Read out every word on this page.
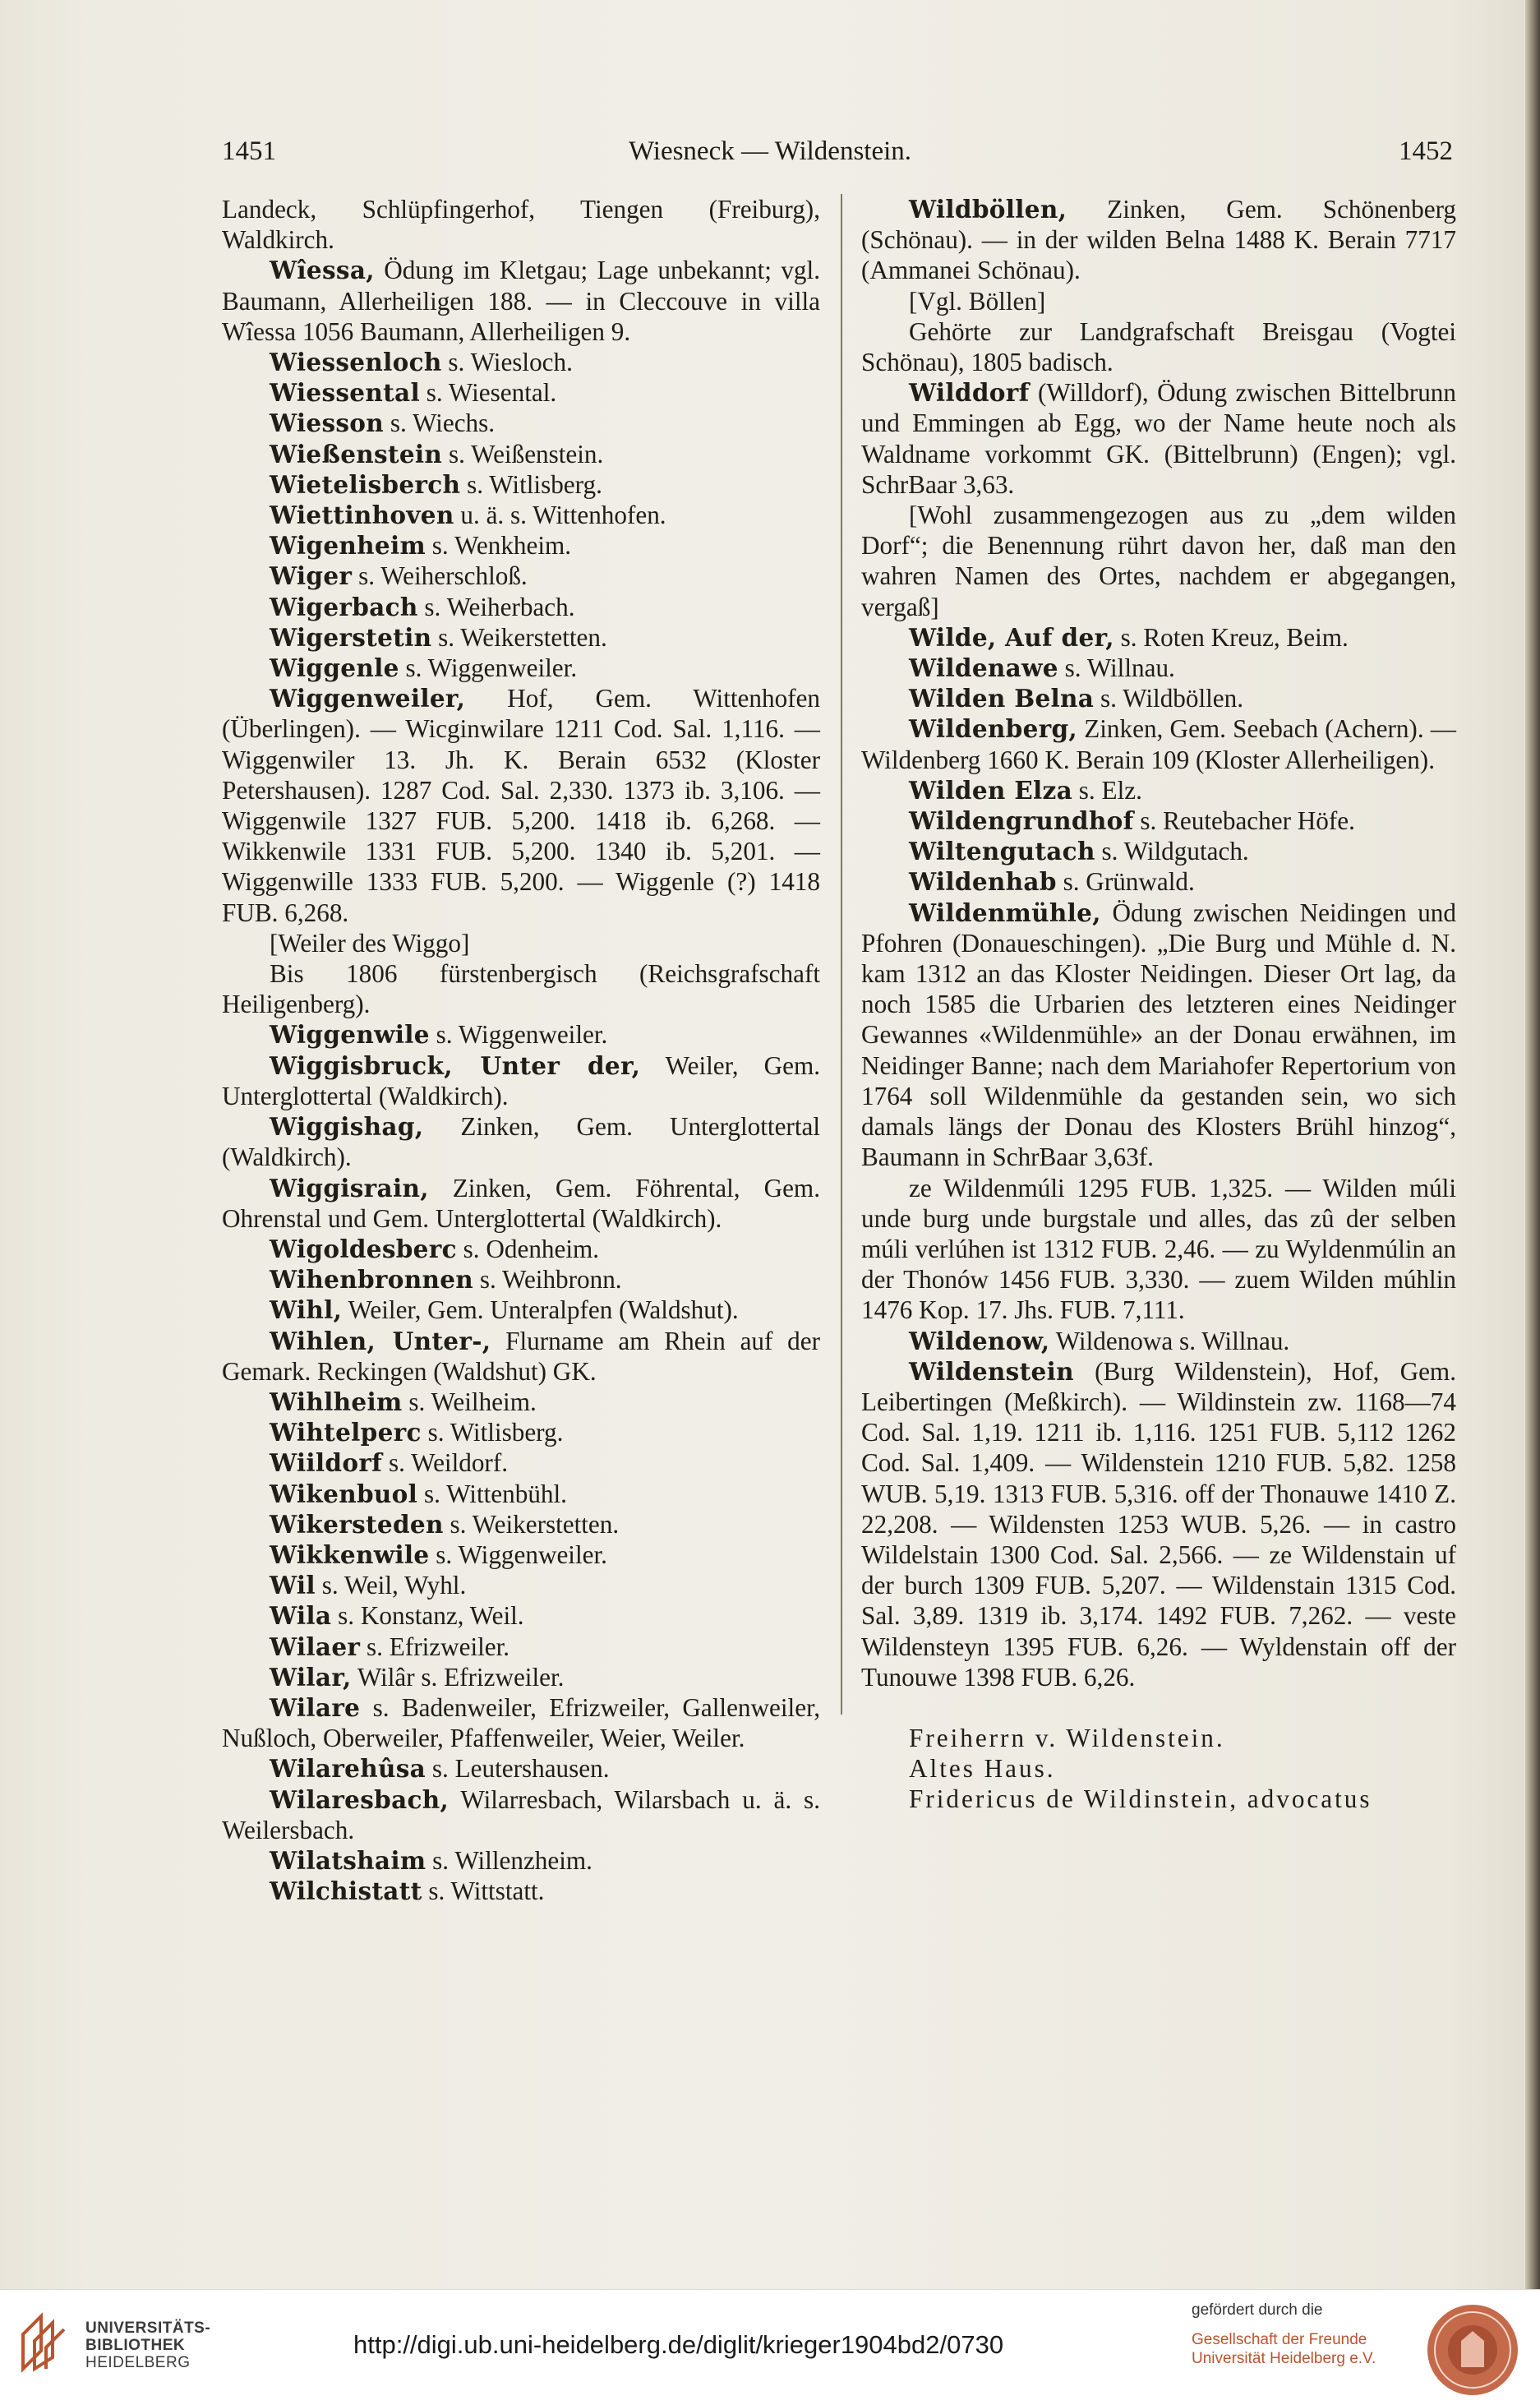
1451	Wiesneck — Wildenstein.	1452

Landeck, Schlüpfingerhof, Tiengen (Freiburg), Waldkirch.

Wîessa, Ödung im Kletgau; Lage unbekannt; vgl. Baumann, Allerheiligen 188. — in Cleccouve in villa Wîessa 1056 Baumann, Allerheiligen 9.

Wiessenloch s. Wiesloch.

Wiessental s. Wiesental.

Wiesson s. Wiechs.

Wießenstein s. Weißenstein.

Wietelisberch s. Witlisberg.

Wiettinhoven u. ä. s. Wittenhofen.

Wigenheim s. Wenkheim.

Wiger s. Weiherschloß.

Wigerbach s. Weiherbach.

Wigerstetin s. Weikerstetten.

Wiggenle s. Wiggenweiler.

Wiggenweiler, Hof, Gem. Wittenhofen (Überlingen). — Wicginwilare 1211 Cod. Sal. 1,116. — Wiggenwiler 13. Jh. K. Berain 6532 (Kloster Petershausen). 1287 Cod. Sal. 2,330. 1373 ib. 3,106. — Wiggenwile 1327 FUB. 5,200. 1418 ib. 6,268. — Wikkenwile 1331 FUB. 5,200. 1340 ib. 5,201. — Wiggenwille 1333 FUB. 5,200. — Wiggenle (?) 1418 FUB. 6,268.

[Weiler des Wiggo]

Bis 1806 fürstenbergisch (Reichsgrafschaft Heiligenberg).

Wiggenwile s. Wiggenweiler.

Wiggisbruck, Unter der, Weiler, Gem. Unterglottertal (Waldkirch).

Wiggishag, Zinken, Gem. Unterglottertal (Waldkirch).

Wiggisrain, Zinken, Gem. Föhrental, Gem. Ohrenstal und Gem. Unterglottertal (Waldkirch).

Wigoldesberc s. Odenheim.

Wihenbronnen s. Weihbronn.

Wihl, Weiler, Gem. Unteralpfen (Waldshut).

Wihlen, Unter-, Flurname am Rhein auf der Gemark. Reckingen (Waldshut) GK.

Wihlheim s. Weilheim.

Wihtelperc s. Witlisberg.

Wiildorf s. Weildorf.

Wikenbuol s. Wittenbühl.

Wikersteden s. Weikerstetten.

Wikkenwile s. Wiggenweiler.

Wil s. Weil, Wyhl.

Wila s. Konstanz, Weil.

Wilaer s. Efrizweiler.

Wilar, Wilâr s. Efrizweiler.

Wilare s. Badenweiler, Efrizweiler, Gallenweiler, Nußloch, Oberweiler, Pfaffenweiler, Weier, Weiler.

Wilarehûsa s. Leutershausen.

Wilaresbach, Wilarresbach, Wilarsbach u. ä. s. Weilersbach.

Wilatshaim s. Willenzheim.

Wilchistatt s. Wittstatt.

Wildböllen, Zinken, Gem. Schönenberg (Schönau). — in der wilden Belna 1488 K. Berain 7717 (Ammanei Schönau).

[Vgl. Böllen]

Gehörte zur Landgrafschaft Breisgau (Vogtei Schönau), 1805 badisch.

Wilddorf (Willdorf), Ödung zwischen Bittelbrunn und Emmingen ab Egg, wo der Name heute noch als Waldname vorkommt GK. (Bittelbrunn) (Engen); vgl. SchrBaar 3,63.

[Wohl zusammengezogen aus zu „dem wilden Dorf“; die Benennung rührt davon her, daß man den wahren Namen des Ortes, nachdem er abgegangen, vergaß]

Wilde, Auf der, s. Roten Kreuz, Beim.

Wildenawe s. Willnau.

Wilden Belna s. Wildböllen.

Wildenberg, Zinken, Gem. Seebach (Achern). — Wildenberg 1660 K. Berain 109 (Kloster Allerheiligen).

Wilden Elza s. Elz.

Wildengrundhof s. Reutebacher Höfe.

Wiltengutach s. Wildgutach.

Wildenhab s. Grünwald.

Wildenmühle, Ödung zwischen Neidingen und Pfohren (Donaueschingen). „Die Burg und Mühle d. N. kam 1312 an das Kloster Neidingen. Dieser Ort lag, da noch 1585 die Urbarien des letzteren eines Neidinger Gewannes «Wildenmühle» an der Donau erwähnen, im Neidinger Banne; nach dem Mariahofer Repertorium von 1764 soll Wildenmühle da gestanden sein, wo sich damals längs der Donau des Klosters Brühl hinzog“, Baumann in SchrBaar 3,63f.

ze Wildenmúli 1295 FUB. 1,325. — Wilden múli unde burg unde burgstale und alles, das zû der selben múli verlúhen ist 1312 FUB. 2,46. — zu Wyldenmúlin an der Thonów 1456 FUB. 3,330. — zuem Wilden múhlin 1476 Kop. 17. Jhs. FUB. 7,111.

Wildenow, Wildenowa s. Willnau.

Wildenstein (Burg Wildenstein), Hof, Gem. Leibertingen (Meßkirch). — Wildinstein zw. 1168—74 Cod. Sal. 1,19. 1211 ib. 1,116. 1251 FUB. 5,112 1262 Cod. Sal. 1,409. — Wildenstein 1210 FUB. 5,82. 1258 WUB. 5,19. 1313 FUB. 5,316. off der Thonauwe 1410 Z. 22,208. — Wildensten 1253 WUB. 5,26. — in castro Wildelstain 1300 Cod. Sal. 2,566. — ze Wildenstain uf der burch 1309 FUB. 5,207. — Wildenstain 1315 Cod. Sal. 3,89. 1319 ib. 3,174. 1492 FUB. 7,262. — veste Wildensteyn 1395 FUB. 6,26. — Wyldenstain off der Tunouwe 1398 FUB. 6,26.

Freiherrn v. Wildenstein.

Altes Haus.

Fridericus de Wildinstein, advocatus

UNIVERSITÄTS-
BIBLIOTHEK
HEIDELBERG
http://digi.ub.uni-heidelberg.de/diglit/krieger1904bd2/0730
gefördert durch die
Gesellschaft der Freunde
Universität Heidelberg e.V.
